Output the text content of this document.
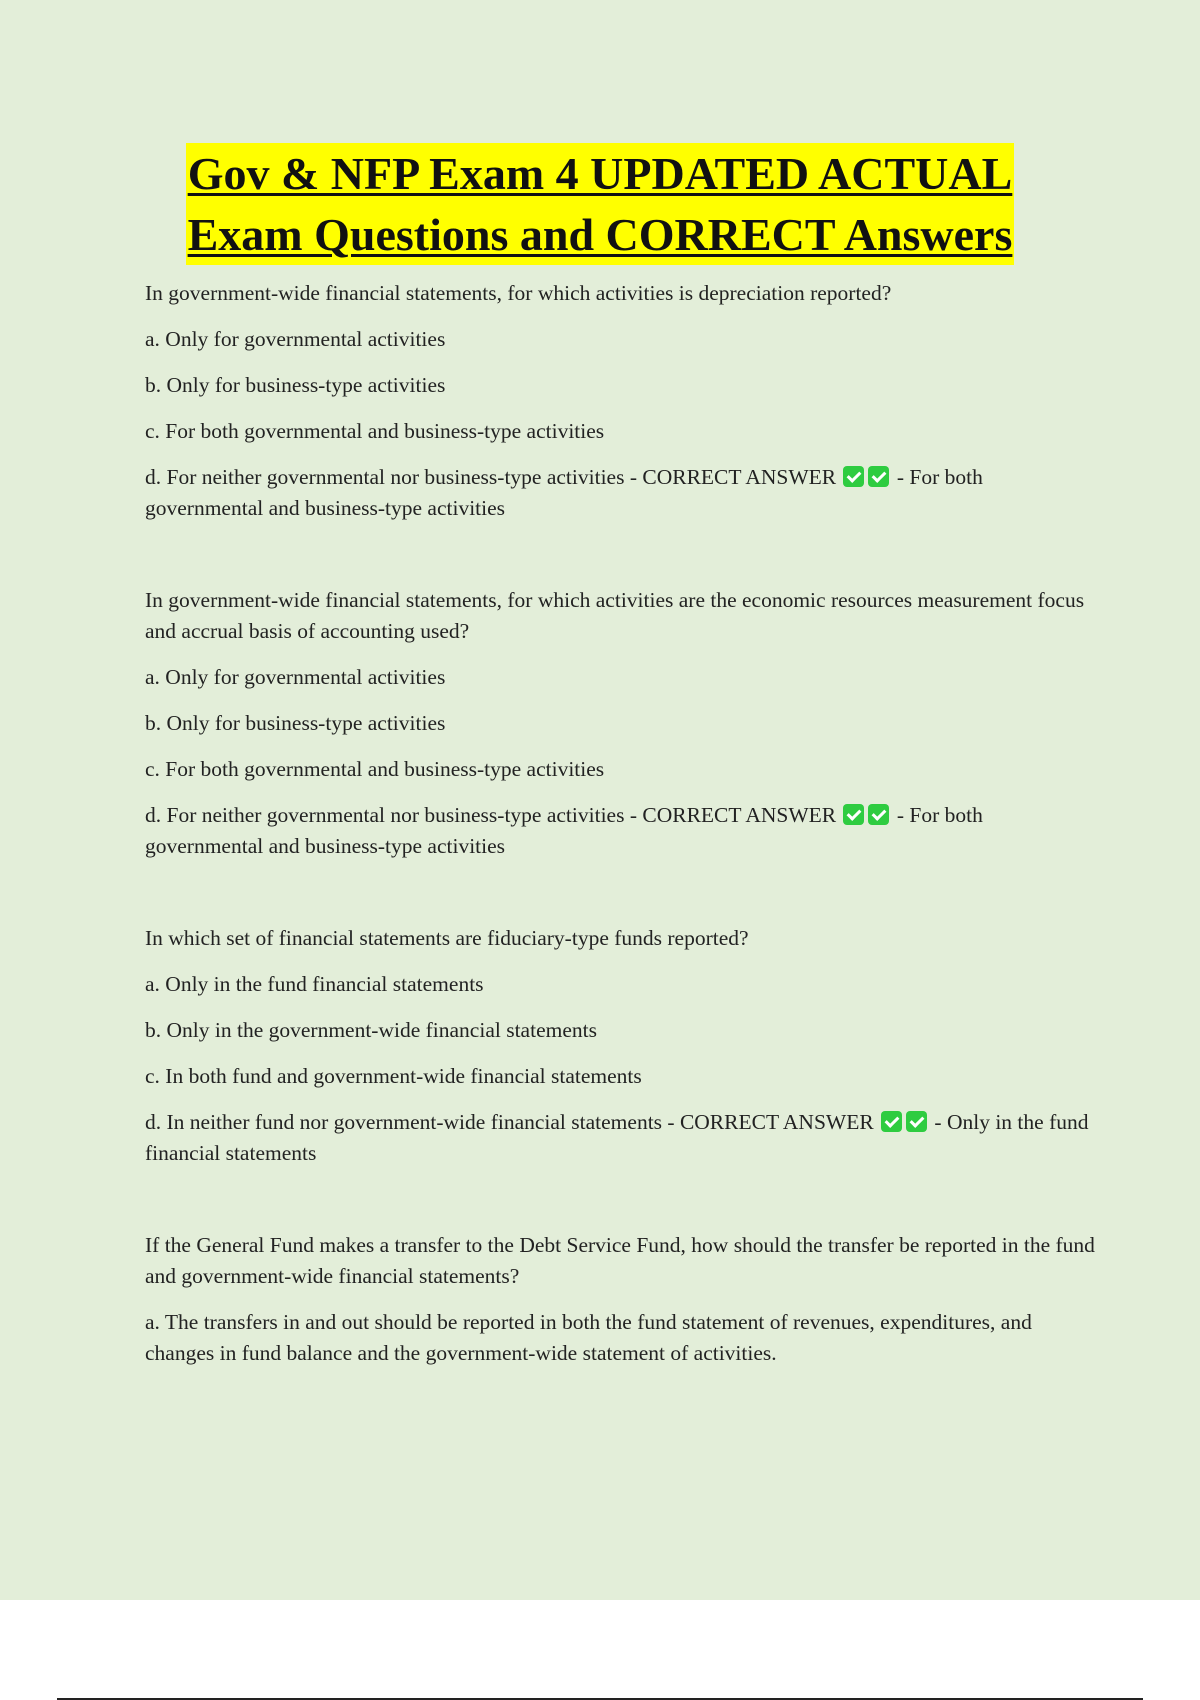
Gov & NFP Exam 4 UPDATED ACTUAL
Exam Questions and CORRECT Answers

In government-wide financial statements, for which activities is depreciation reported?

a. Only for governmental activities

b. Only for business-type activities

c. For both governmental and business-type activities

d. For neither governmental nor business-type activities - CORRECT ANSWER	- For both governmental and business-type activities

In government-wide financial statements, for which activities are the economic resources measurement focus and accrual basis of accounting used?

a. Only for governmental activities

b. Only for business-type activities

c. For both governmental and business-type activities

d. For neither governmental nor business-type activities - CORRECT ANSWER	- For both governmental and business-type activities

In which set of financial statements are fiduciary-type funds reported?

a. Only in the fund financial statements

b. Only in the government-wide financial statements

c. In both fund and government-wide financial statements

d. In neither fund nor government-wide financial statements - CORRECT ANSWER	- Only in the fund financial statements

If the General Fund makes a transfer to the Debt Service Fund, how should the transfer be reported in the fund and government-wide financial statements?

a. The transfers in and out should be reported in both the fund statement of revenues, expenditures, and changes in fund balance and the government-wide statement of activities.
